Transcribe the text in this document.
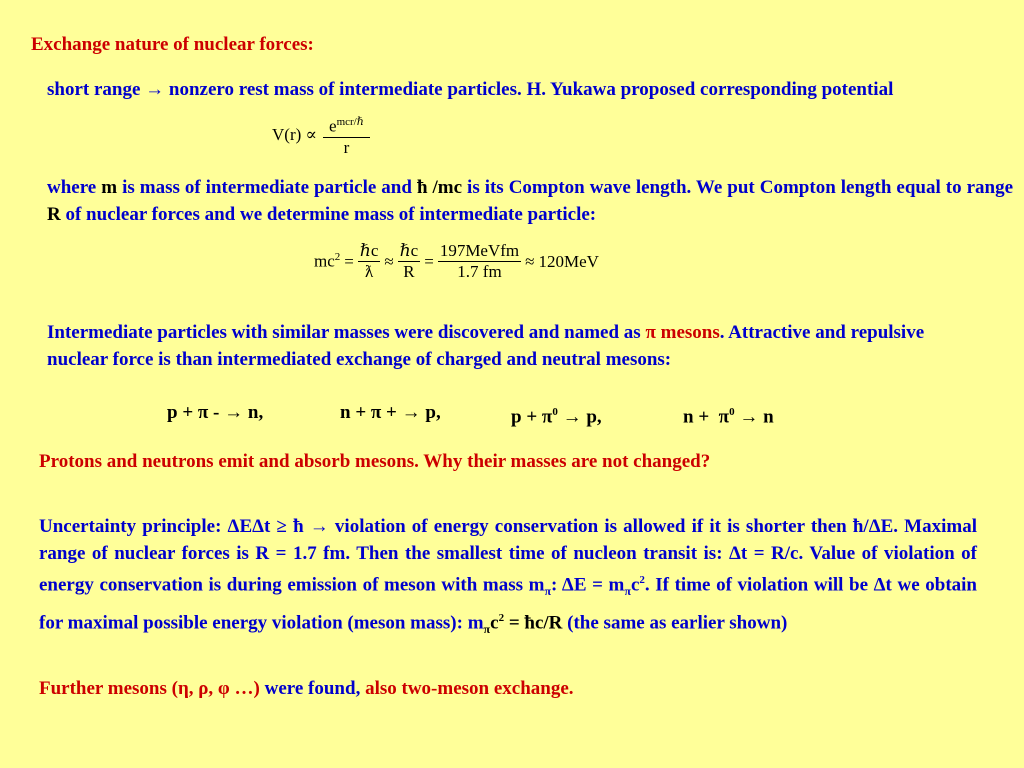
Exchange nature of nuclear forces:
short range → nonzero rest mass of intermediate particles. H. Yukawa proposed corresponding potential
$V(r) \propto \frac{e^{mcr/\hbar}}{r}$
where m is mass of intermediate particle and ħ /mc is its Compton wave length. We put Compton length equal to range R of nuclear forces and we determine mass of intermediate particle:
$mc^2 = \frac{\text{ℏc}}{ƛ} \approx \frac{\text{ℏc}}{R} = \frac{\text{197MeVfm}}{1.7 fm} \approx 120MeV$
Intermediate particles with similar masses were discovered and named as π mesons. Attractive and repulsive nuclear force is than intermediated exchange of charged and neutral mesons:
p + π - → n,	n + π + → p,	$p + \pi^0 \to p$,	$n + \pi^0 \to n$
Protons and neutrons emit and absorb mesons. Why their masses are not changed?
Uncertainty principle: ΔEΔt ≥ ħ → violation of energy conservation is allowed if it is shorter then ħ/ΔE. Maximal range of nuclear forces is R = 1.7 fm. Then the smallest time of nucleon transit is: Δt = R/c. Value of violation of energy conservation is during emission of meson with mass $m_\pi$: $\Delta E = m_\pi c^2$. If time of violation will be Δt we obtain for maximal possible energy violation (meson mass): $m_\pi c^2$ = ħc/R (the same as earlier shown)
Further mesons (η, ρ, φ …) were found, also two-meson exchange.
